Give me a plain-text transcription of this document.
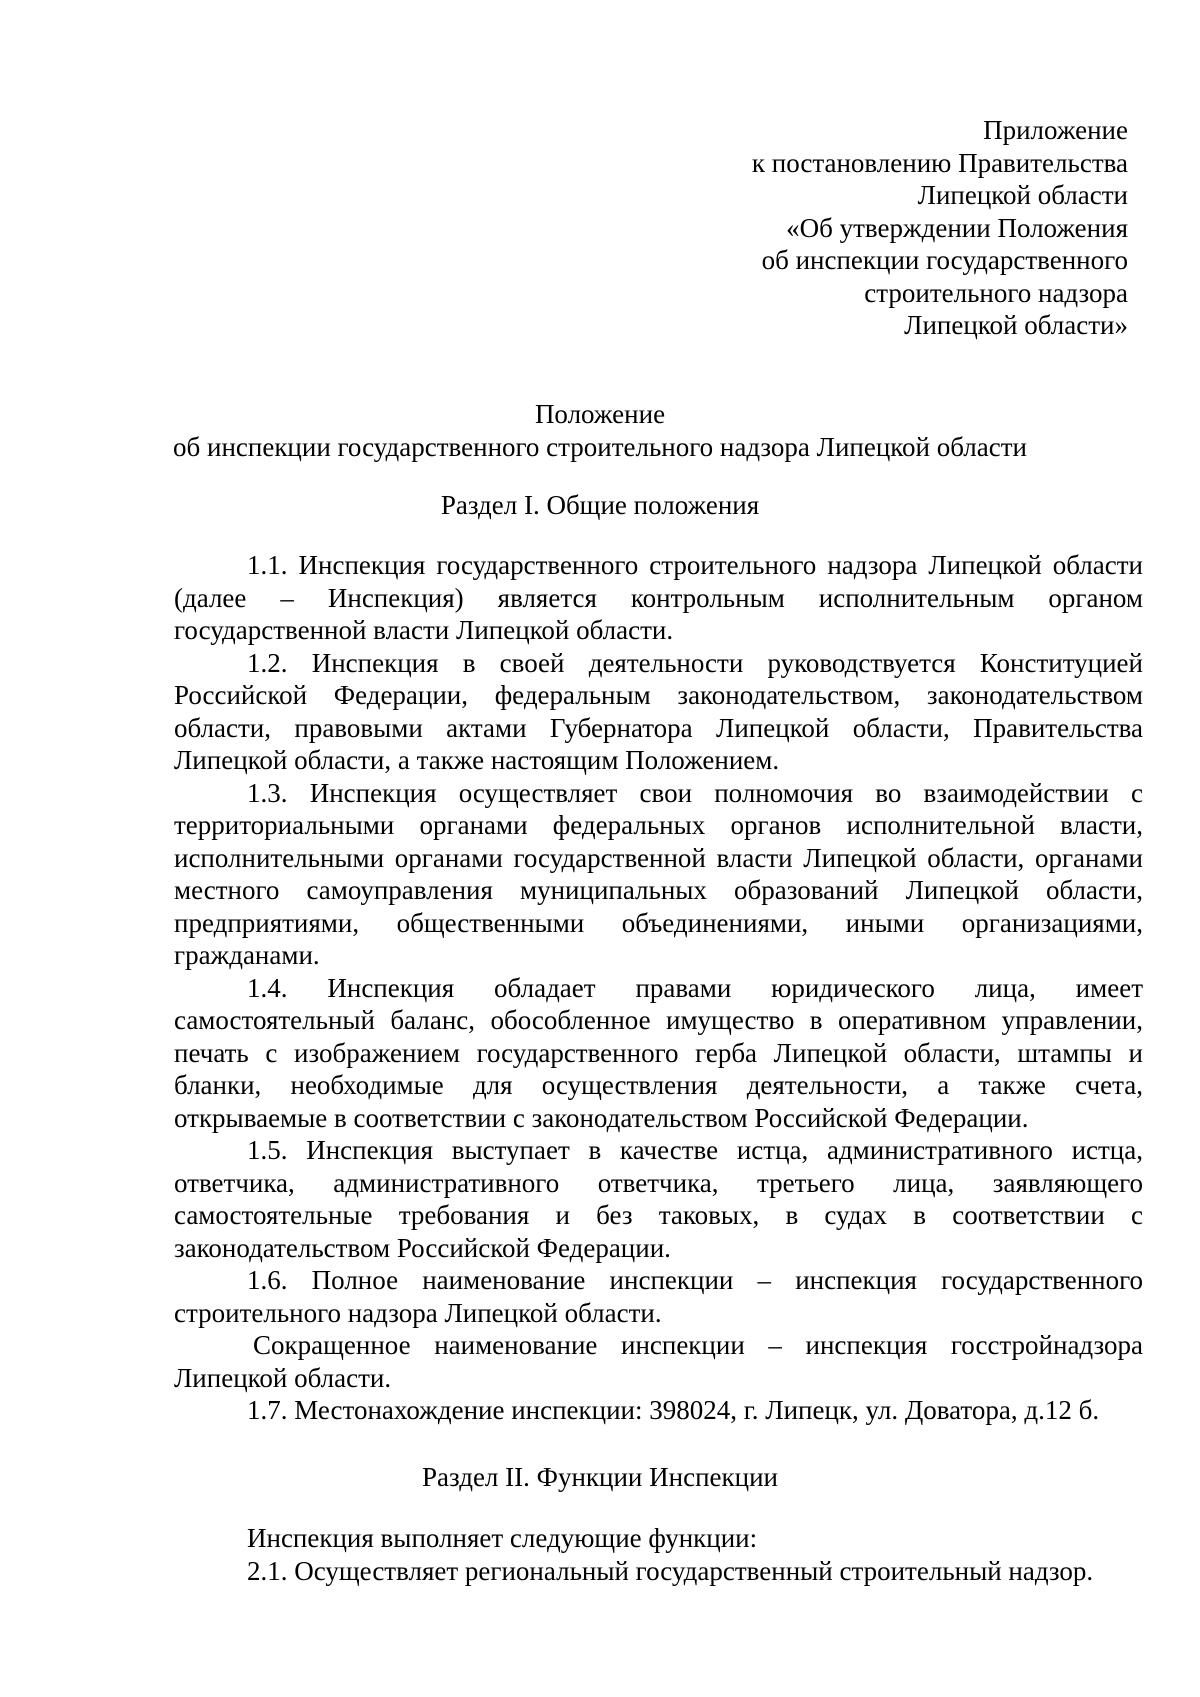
Приложение
к постановлению Правительства
Липецкой области
«Об утверждении Положения
об инспекции государственного
строительного надзора
Липецкой области»
Положение
об инспекции государственного строительного надзора Липецкой области
Раздел I. Общие положения

1.1. Инспекция государственного строительного надзора Липецкой области (далее – Инспекция) является контрольным исполнительным органом государственной власти Липецкой области.

1.2. Инспекция в своей деятельности руководствуется Конституцией Российской Федерации, федеральным законодательством, законодательством области, правовыми актами Губернатора Липецкой области, Правительства Липецкой области, а также настоящим Положением.

1.3. Инспекция осуществляет свои полномочия во взаимодействии с территориальными органами федеральных органов исполнительной власти, исполнительными органами государственной власти Липецкой области, органами местного самоуправления муниципальных образований Липецкой области, предприятиями, общественными объединениями, иными организациями, гражданами.

1.4. Инспекция обладает правами юридического лица, имеет самостоятельный баланс, обособленное имущество в оперативном управлении, печать с изображением государственного герба Липецкой области, штампы и бланки, необходимые для осуществления деятельности, а также счета, открываемые в соответствии с законодательством Российской Федерации.

1.5. Инспекция выступает в качестве истца, административного истца, ответчика, административного ответчика, третьего лица, заявляющего самостоятельные требования и без таковых, в судах в соответствии с законодательством Российской Федерации.

1.6. Полное наименование инспекции – инспекция государственного строительного надзора Липецкой области.

Сокращенное наименование инспекции – инспекция госстройнадзора Липецкой области.

1.7. Местонахождение инспекции: 398024, г. Липецк, ул. Доватора, д.12 б.

Раздел II. Функции Инспекции

Инспекция выполняет следующие функции:

2.1. Осуществляет региональный государственный строительный надзор.
